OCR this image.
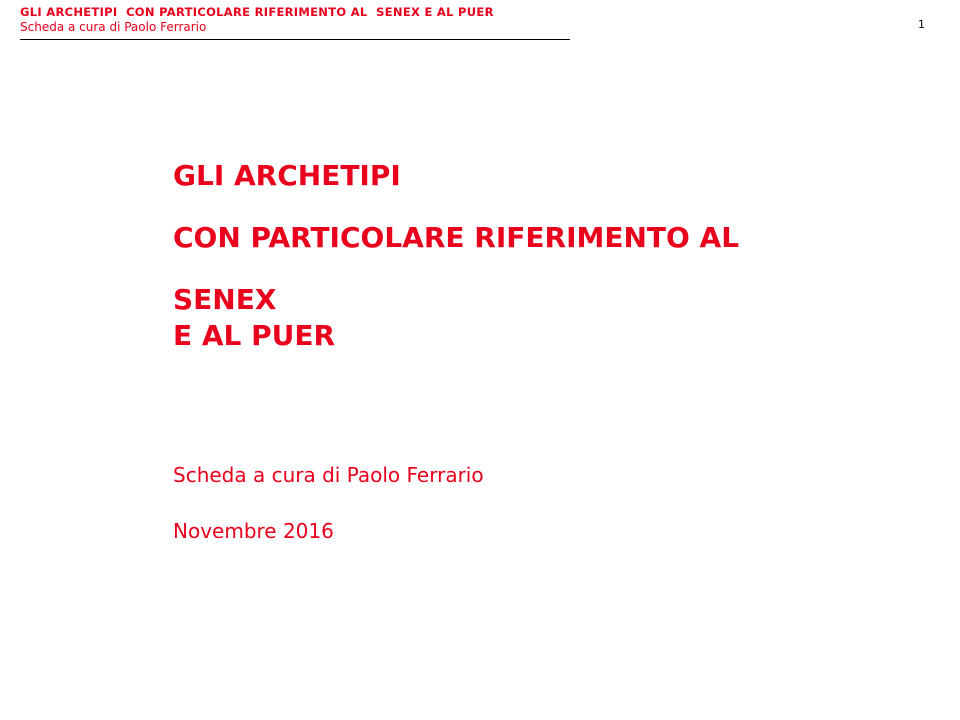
GLI ARCHETIPI  CON PARTICOLARE RIFERIMENTO AL  SENEX E AL PUER
Scheda a cura di Paolo Ferrario	1
GLI ARCHETIPI
CON PARTICOLARE RIFERIMENTO AL
SENEX
E AL PUER
Scheda a cura di Paolo Ferrario
Novembre 2016
